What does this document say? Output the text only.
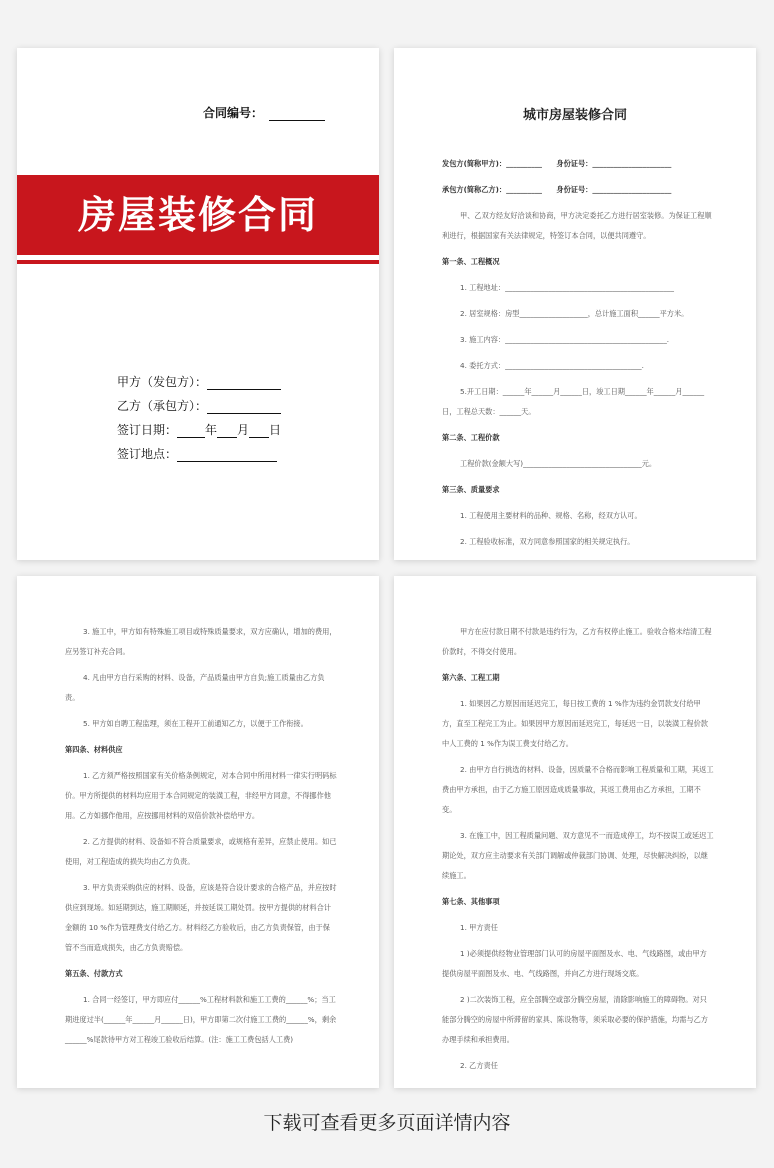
合同编号：
房屋装修合同
甲方（发包方）：
乙方（承包方）：
签订日期： 年 月 日
签订地点：
城市房屋装修合同

发包方(简称甲方)：__________　　身份证号：______________________

承包方(简称乙方)：__________　　身份证号：______________________

甲、乙双方经友好洽谈和协商，甲方决定委托乙方进行居室装修。为保证工程顺利进行，根据国家有关法律规定，特签订本合同，以便共同遵守。

第一条、工程概况

1. 工程地址：_______________________________________________

2. 居室规格：房型___________________，总计施工面积______平方米。

3. 施工内容：_____________________________________________.

4. 委托方式：______________________________________.

5.开工日期：______年______月______日，竣工日期______年______月______日，工程总天数：______天。

第二条、工程价款

工程价款(金额大写)_________________________________元。

第三条、质量要求

1. 工程使用主要材料的品种、规格、名称，经双方认可。

2. 工程验收标准，双方同意参照国家的相关规定执行。

3. 施工中，甲方如有特殊施工项目或特殊质量要求，双方应确认，增加的费用，应另签订补充合同。

4. 凡由甲方自行采购的材料、设备，产品质量由甲方自负;施工质量由乙方负责。

5. 甲方如自聘工程监理，须在工程开工前通知乙方，以便于工作衔接。

第四条、材料供应

1. 乙方须严格按照国家有关价格条例规定，对本合同中所用材料一律实行明码标价。甲方所提供的材料均应用于本合同规定的装潢工程，非经甲方同意，不得挪作他用。乙方如挪作他用，应按挪用材料的双倍价款补偿给甲方。

2. 乙方提供的材料、设备如不符合质量要求，或规格有差异，应禁止使用。如已使用，对工程造成的损失均由乙方负责。

3. 甲方负责采购供应的材料、设备，应该是符合设计要求的合格产品，并应按时供应到现场。如延期到达，施工期顺延，并按延误工期处罚。按甲方提供的材料合计金额的 10 %作为管理费支付给乙方。材料经乙方验收后，由乙方负责保管，由于保管不当而造成损失，由乙方负责赔偿。

第五条、付款方式

1. 合同一经签订，甲方即应付______%工程材料款和施工工费的______%；当工期进度过半(______年______月______日)，甲方即第二次付施工工费的______%，剩余______%尾款待甲方对工程竣工验收后结算。(注：施工工费包括人工费)

甲方在应付款日期不付款是违约行为，乙方有权停止施工。验收合格未结清工程价款时，不得交付使用。

第六条、工程工期

1. 如果因乙方原因而延迟完工，每日按工费的 1 %作为违约金罚款支付给甲方，直至工程完工为止。如果因甲方原因而延迟完工，每延迟一日，以装潢工程价款中人工费的 1 %作为误工费支付给乙方。

2. 由甲方自行挑选的材料、设备，因质量不合格而影响工程质量和工期，其返工费由甲方承担，由于乙方施工原因造成质量事故，其返工费用由乙方承担，工期不变。

3. 在施工中，因工程质量问题、双方意见不一而造成停工，均不按误工或延迟工期论处，双方应主动要求有关部门调解或仲裁部门协调、处理，尽快解决纠纷，以继续施工。

第七条、其他事项

1. 甲方责任

1 )必须提供经物业管理部门认可的房屋平面图及水、电、气线路图，或由甲方提供房屋平面图及水、电、气线路图，并向乙方进行现场交底。

2 )二次装饰工程，应全部腾空或部分腾空房屋，清除影响施工的障碍物。对只能部分腾空的房屋中所滞留的家具、陈设物等，须采取必要的保护措施，均需与乙方办理手续和承担费用。

2. 乙方责任

下载可查看更多页面详情内容
